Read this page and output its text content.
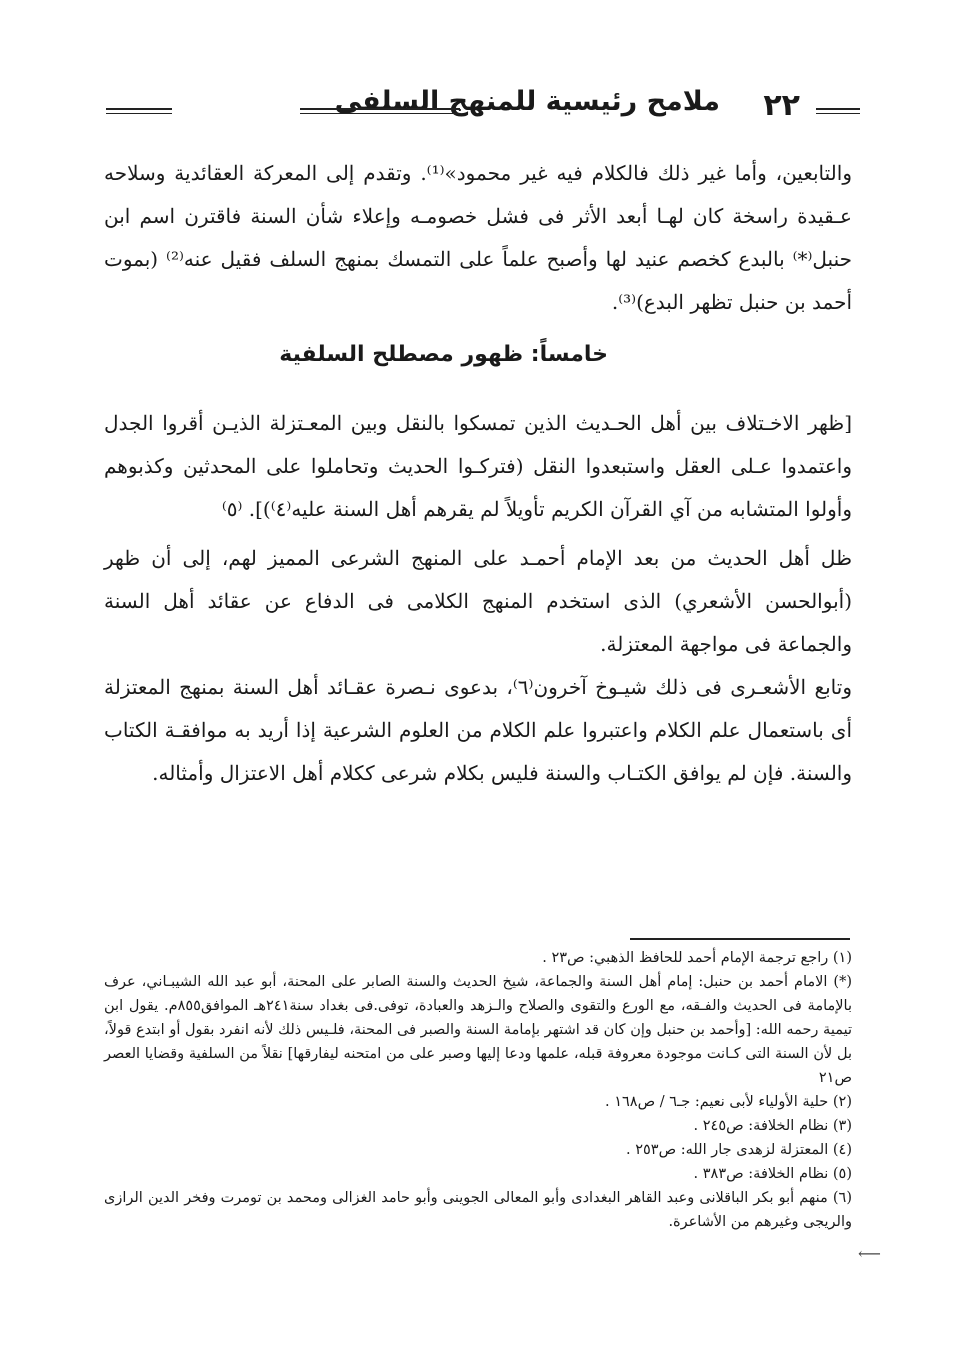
٢٢
ملامح رئيسية للمنهج السلفى

والتابعين، وأما غير ذلك فالكلام فيه غير محمود»⁽¹⁾. وتقدم إلى المعركة العقائدية وسلاحه عـقيدة راسخة كان لهـا أبعد الأثر فى فشل خصومـه وإعلاء شأن السنة فاقترن اسم ابن حنبل⁽*⁾ بالبدع كخصم عنيد لها وأصبح علماً على التمسك بمنهج السلف فقيل عنه⁽²⁾ (بموت أحمد بن حنبل تظهر البدع)⁽³⁾.

خامساً: ظهور مصطلح السلفية

[ظهر الاخـتلاف بين أهل الحـديث الذين تمسكوا بالنقل وبين المعـتزلة الذيـن أقروا الجدل واعتمدوا عـلى العقل واستبعدوا النقل (فتركـوا الحديث وتحاملوا على المحدثين وكذبوهم وأولوا المتشابه من آي القرآن الكريم تأويلاً لم يقرهم أهل السنة عليه⁽٤⁾)]. ⁽٥⁾

ظل أهل الحديث من بعد الإمام أحمـد على المنهج الشرعى المميز لهم، إلى أن ظهر (أبوالحسن الأشعري) الذى استخدم المنهج الكلامى فى الدفاع عن عقائد أهل السنة والجماعة فى مواجهة المعتزلة.

وتابع الأشعـرى فى ذلك شيـوخ آخرون⁽٦⁾، بدعوى نـصرة عقـائد أهل السنة بمنهج المعتزلة أى باستعمال علم الكلام واعتبروا علم الكلام من العلوم الشرعية إذا أريد به موافقـة الكتاب والسنة. فإن لم يوافق الكتـاب والسنة فليس بكلام شرعى ككلام أهل الاعتزال وأمثاله.

(١) راجع ترجمة الإمام أحمد للحافظ الذهبي: ص٢٣ .

(*) الامام أحمد بن حنبل: إمام أهل السنة والجماعة، شيخ الحديث والسنة الصابر على المحنة، أبو عبد الله الشيبـاني، عرف بالإمامة فى الحديث والفـقه، مع الورع والتقوى والصلاح والـزهد والعبادة، توفى.فى بغداد سنة٢٤١هـ الموافق٨٥٥م. يقول ابن تيمية رحمه الله: [وأحمد بن حنبل وإن كان قد اشتهر بإمامة السنة والصبر فى المحنة، فلـيس ذلك لأنه انفرد بقول أو ابتدع قولاً، بل لأن السنة التى كـانت موجودة معروفة قبله، علمها ودعا إليها وصبر على من امتحنه ليفارقها] نقلاً من السلفية وقضايا العصر ص٢١

(٢) حلية الأولياء لأبى نعيم: جـ٦ / ص١٦٨ .

(٣) نظام الخلافة: ص٢٤٥ .

(٤) المعتزلة لزهدى جار الله: ص٢٥٣ .

(٥) نظام الخلافة: ص٣٨٣ .

(٦) منهم أبو بكر الباقلانى وعبد القاهر البغدادى وأبو المعالى الجوينى وأبو حامد الغزالى ومحمد بن تومرت وفخر الدين الرازى والريجى وغيرهم من الأشاعرة.

⟵
